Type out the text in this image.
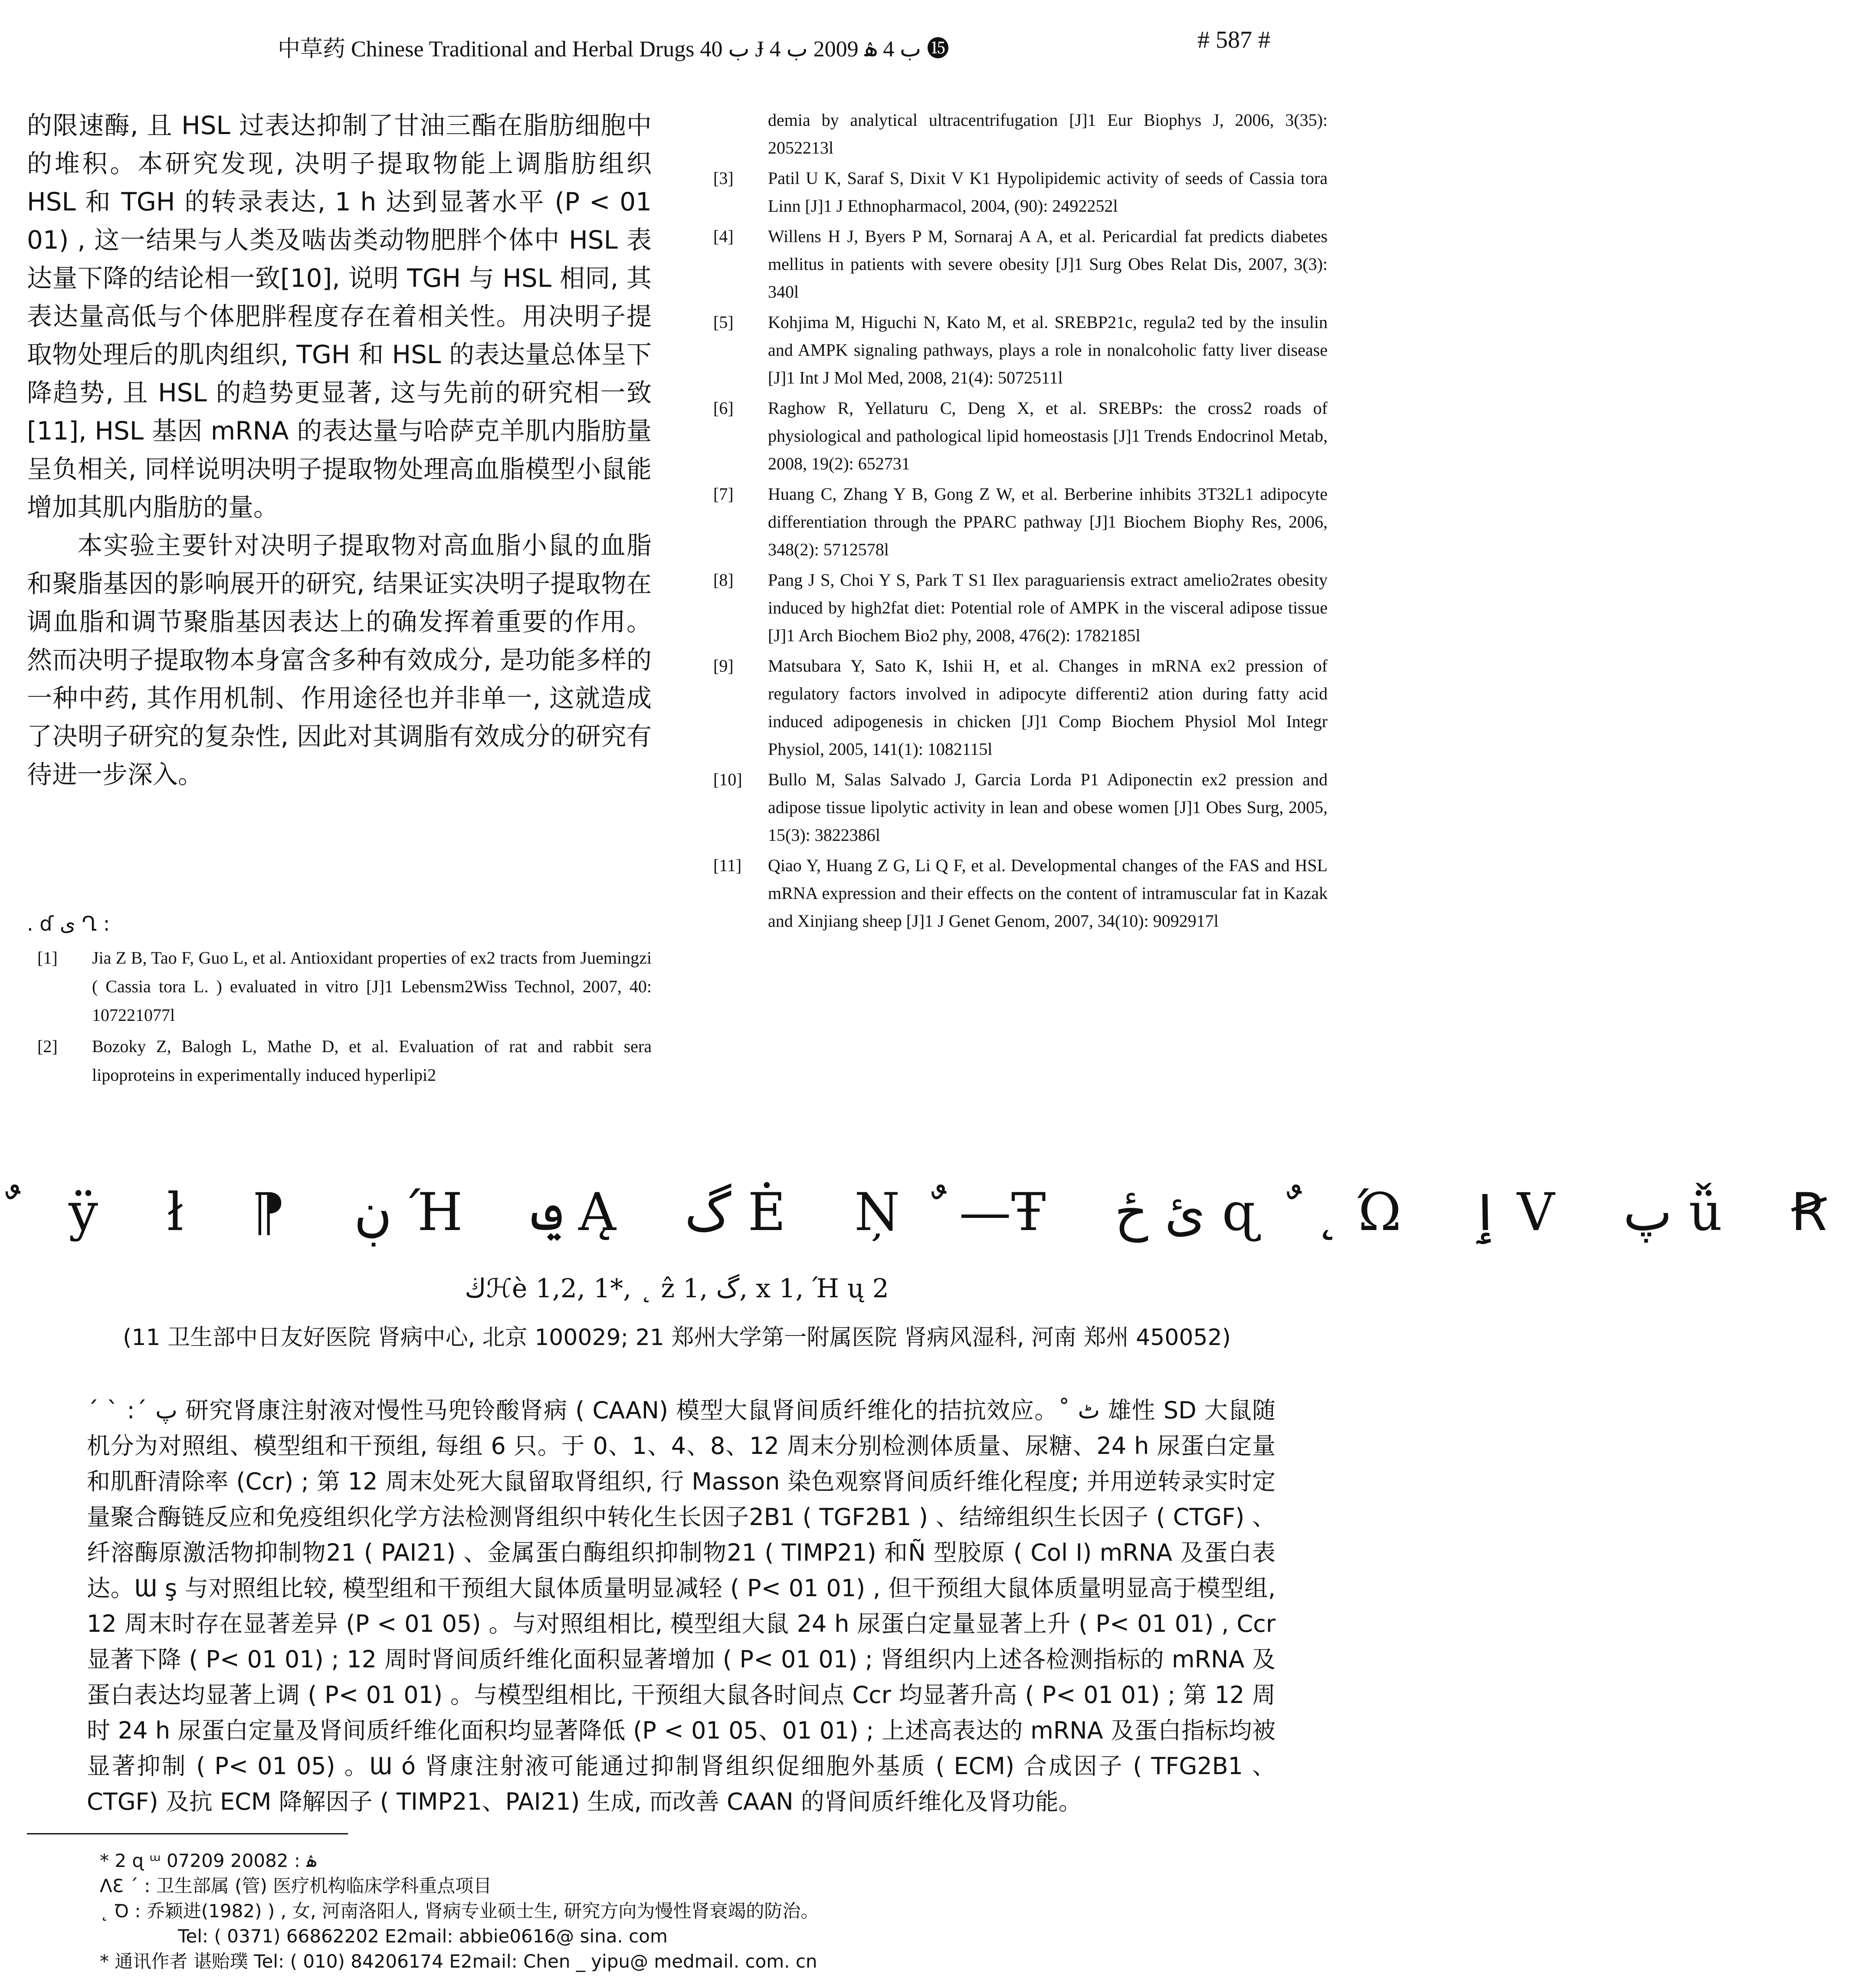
中草药 Chinese Traditional and Herbal Drugs ب 40 Ɉ ب 4 ۿ 2009 ب 4 ⓯	# 587 #

的限速酶, 且 HSL 过表达抑制了甘油三酯在脂肪细胞中的堆积。本研究发现, 决明子提取物能上调脂肪组织 HSL 和 TGH 的转录表达, 1 h 达到显著水平 (P < 01 01) , 这一结果与人类及啮齿类动物肥胖个体中 HSL 表达量下降的结论相一致[10], 说明 TGH 与 HSL 相同, 其表达量高低与个体肥胖程度存在着相关性。用决明子提取物处理后的肌肉组织, TGH 和 HSL 的表达量总体呈下降趋势, 且 HSL 的趋势更显著, 这与先前的研究相一致[11], HSL 基因 mRNA 的表达量与哈萨克羊肌内脂肪量呈负相关, 同样说明决明子提取物处理高血脂模型小鼠能增加其肌内脂肪的量。

本实验主要针对决明子提取物对高血脂小鼠的血脂和聚脂基因的影响展开的研究, 结果证实决明子提取物在调血脂和调节聚脂基因表达上的确发挥着重要的作用。然而决明子提取物本身富含多种有效成分, 是功能多样的一种中药, 其作用机制、作用途径也并非单一, 这就造成了决明子研究的复杂性, 因此对其调脂有效成分的研究有待进一步深入。

. ɗ ى Ղ :
[1] Jia Z B, Tao F, Guo L, et al. Antioxidant properties of ex2 tracts from Juemingzi ( Cassia tora L. ) evaluated in vitro [J]1 Lebensm2Wiss Technol, 2007, 40: 107221077l
[2] Bozoky Z, Balogh L, Mathe D, et al. Evaluation of rat and rabbit sera lipoproteins in experimentally induced hyperlipi2
demia by analytical ultracentrifugation [J]1 Eur Biophys J, 2006, 3(35): 2052213l
[3] Patil U K, Saraf S, Dixit V K1 Hypolipidemic activity of seeds of Cassia tora Linn [J]1 J Ethnopharmacol, 2004, (90): 2492252l
[4] Willens H J, Byers P M, Sornaraj A A, et al. Pericardial fat predicts diabetes mellitus in patients with severe obesity [J]1 Surg Obes Relat Dis, 2007, 3(3): 340l
[5] Kohjima M, Higuchi N, Kato M, et al. SREBP21c, regula2 ted by the insulin and AMPK signaling pathways, plays a role in nonalcoholic fatty liver disease [J]1 Int J Mol Med, 2008, 21(4): 5072511l
[6] Raghow R, Yellaturu C, Deng X, et al. SREBPs: the cross2 roads of physiological and pathological lipid homeostasis [J]1 Trends Endocrinol Metab, 2008, 19(2): 652731
[7] Huang C, Zhang Y B, Gong Z W, et al. Berberine inhibits 3T32L1 adipocyte differentiation through the PPARC pathway [J]1 Biochem Biophy Res, 2006, 348(2): 5712578l
[8] Pang J S, Choi Y S, Park T S1 Ilex paraguariensis extract amelio2rates obesity induced by high2fat diet: Potential role of AMPK in the visceral adipose tissue [J]1 Arch Biochem Bio2 phy, 2008, 476(2): 1782185l
[9] Matsubara Y, Sato K, Ishii H, et al. Changes in mRNA ex2 pression of regulatory factors involved in adipocyte differenti2 ation during fatty acid induced adipogenesis in chicken [J]1 Comp Biochem Physiol Mol Integr Physiol, 2005, 141(1): 1082115l
[10] Bullo M, Salas Salvado J, Garcia Lorda P1 Adiponectin ex2 pression and adipose tissue lipolytic activity in lean and obese women [J]1 Obes Surg, 2005, 15(3): 3822386l
[11] Qiao Y, Huang Z G, Li Q F, et al. Developmental changes of the FAS and HSL mRNA expression and their effects on the content of intramuscular fat in Kazak and Xinjiang sheep [J]1 J Genet Genom, 2007, 34(10): 9092917l
ٌ ÿ ł ⁋ ڹ Ή ݠ Ą گ Ė Ņ ٌ —Ŧ ئ ځ ɋ ٌ ˛ Ώ ٳ V پ ǚ Ꞧ
ڬℋè 1,2, 1*, ˛ ẑ 1, گ, x 1, Ή ų 2
(11 卫生部中日友好医院 肾病中心, 北京 100029; 21 郑州大学第一附属医院 肾病风湿科, 河南 郑州 450052)

ˊ ˋ :ˊ پ 研究肾康注射液对慢性马兜铃酸肾病 ( CAAN) 模型大鼠肾间质纤维化的拮抗效应。˚ ٹ 雄性 SD 大鼠随机分为对照组、模型组和干预组, 每组 6 只。于 0、1、4、8、12 周末分别检测体质量、尿糖、24 h 尿蛋白定量和肌酐清除率 (Ccr) ; 第 12 周末处死大鼠留取肾组织, 行 Masson 染色观察肾间质纤维化程度; 并用逆转录实时定量聚合酶链反应和免疫组织化学方法检测肾组织中转化生长因子2B1 ( TGF2B1 ) 、结缔组织生长因子 ( CTGF) 、纤溶酶原激活物抑制物21 ( PAI21) 、金属蛋白酶组织抑制物21 ( TIMP21) 和Ñ 型胶原 ( Col I) mRNA 及蛋白表达。Ɯ ş 与对照组比较, 模型组和干预组大鼠体质量明显减轻 ( P< 01 01) , 但干预组大鼠体质量明显高于模型组, 12 周末时存在显著差异 (P < 01 05) 。与对照组相比, 模型组大鼠 24 h 尿蛋白定量显著上升 ( P< 01 01) , Ccr 显著下降 ( P< 01 01) ; 12 周时肾间质纤维化面积显著增加 ( P< 01 01) ; 肾组织内上述各检测指标的 mRNA 及蛋白表达均显著上调 ( P< 01 01) 。与模型组相比, 干预组大鼠各时间点 Ccr 均显著升高 ( P< 01 01) ; 第 12 周时 24 h 尿蛋白定量及肾间质纤维化面积均显著降低 (P < 01 05、01 01) ; 上述高表达的 mRNA 及蛋白指标均被显著抑制 ( P< 01 05) 。Ɯ ó 肾康注射液可能通过抑制肾组织促细胞外基质 ( ECM) 合成因子 ( TFG2B1 、CTGF) 及抗 ECM 降解因子 ( TIMP21、PAI21) 生成, 而改善 CAAN 的肾间质纤维化及肾功能。

* 2 ɋ ᵚ ۿ : 20082 07209

ɅƐ ˊ : 卫生部属 (管) 医疗机构临床学科重点项目

˛ Ꝺ : 乔颖进(1982) ) , 女, 河南洛阳人, 肾病专业硕士生, 研究方向为慢性肾衰竭的防治。

Tel: ( 0371) 66862202 E2mail: abbie0616@ sina. com

* 通讯作者 谌贻璞 Tel: ( 010) 84206174 E2mail: Chen _ yipu@ medmail. com. cn
